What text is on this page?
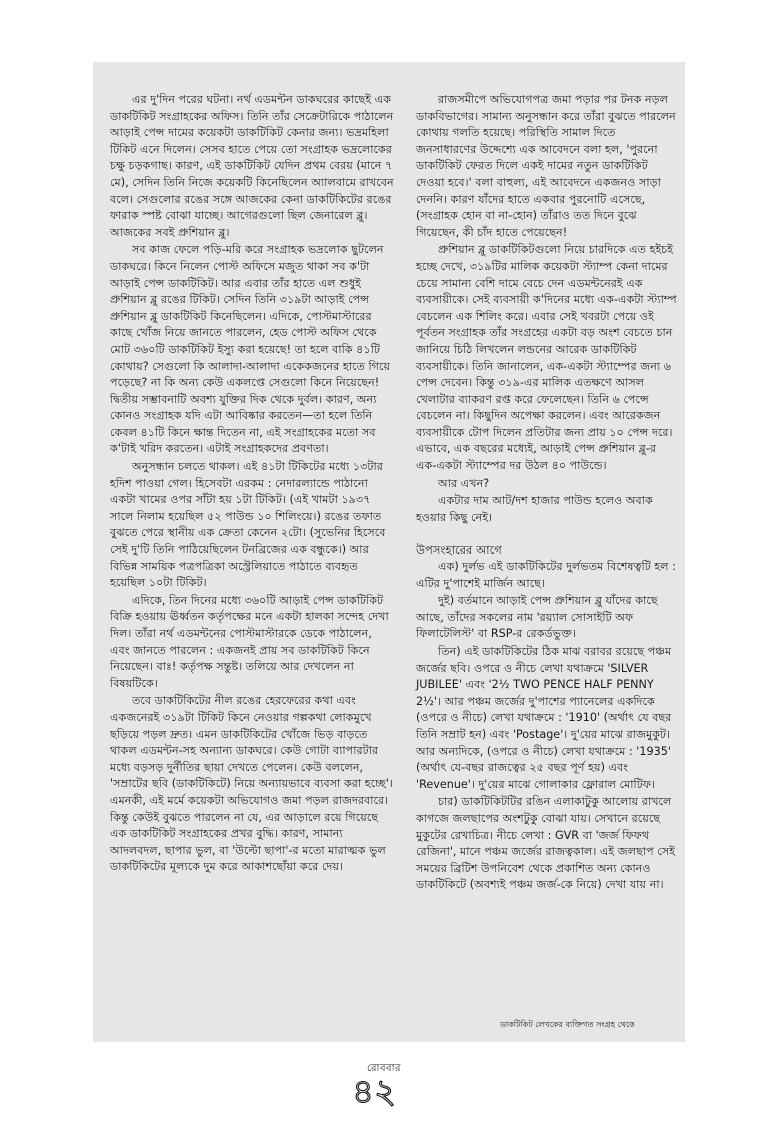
এর দু'দিন পরের ঘটনা। নর্থ এডমন্টন ডাকঘরের কাছেই এক ডাকটিকিট সংগ্রাহকের অফিস। তিনি তাঁর সেক্রেটারিকে পাঠালেন আড়াই পেন্স দামের কয়েকটা ডাকটিকিট কেনার জন্য। ভদ্রমহিলা টিকিট এনে দিলেন। সেসব হাতে পেয়ে তো সংগ্রাহক ভদ্রলোকের চক্ষু চড়কগাছ। কারণ, এই ডাকটিকিট যেদিন প্রথম বেরয় (মানে ৭ মে), সেদিন তিনি নিজে কয়েকটি কিনেছিলেন অ্যালবামে রাখবেন বলে। সেগুলোর রঙের সঙ্গে আজকের কেনা ডাকটিকিটের রঙের ফারাক স্পষ্ট বোঝা যাচ্ছে। আগেরগুলো ছিল জেনারেল ব্লু। আজকের সবই প্রুশিয়ান ব্লু।

সব কাজ ফেলে পড়ি-মরি করে সংগ্রাহক ভদ্রলোক ছুটলেন ডাকঘরে। কিনে নিলেন পোস্ট অফিসে মজুত থাকা সব ক'টা আড়াই পেন্স ডাকটিকিট। আর এবার তাঁর হাতে এল শুধুই প্রুশিয়ান ব্লু রঙের টিকিট। সেদিন তিনি ৩১৯টা আড়াই পেন্স প্রুশিয়ান ব্লু ডাকটিকিট কিনেছিলেন। এদিকে, পোস্টমাস্টারের কাছে খোঁজ নিয়ে জানতে পারলেন, হেড পোস্ট অফিস থেকে মোট ৩৬০টি ডাকটিকিট ইস্যু করা হয়েছে! তা হলে বাকি ৪১টি কোথায়? সেগুলো কি আলাদা-আলাদা একেকজনের হাতে গিয়ে পড়েছে? না কি অন্য কেউ একলপ্তে সেগুলো কিনে নিয়েছেন! দ্বিতীয় সম্ভাবনাটি অবশ্য যুক্তির দিক থেকে দুর্বল। কারণ, অন্য কোনও সংগ্রাহক যদি এটা আবিষ্কার করতেন—তা হলে তিনি কেবল ৪১টি কিনে ক্ষান্ত দিতেন না, এই সংগ্রাহকের মতো সব ক'টাই খরিদ করতেন। এটাই সংগ্রাহকদের প্রবণতা।

অনুসন্ধান চলতে থাকল। এই ৪১টা টিকিটের মধ্যে ১৩টার হদিশ পাওয়া গেল। হিসেবটা এরকম : নেদারল্যান্ডে পাঠানো একটা খামের ওপর সাঁটা হয় ১টা টিকিট। (এই খামটা ১৯৩৭ সালে নিলাম হয়েছিল ৫২ পাউন্ড ১০ শিলিংয়ে।) রঙের তফাত বুঝতে পেরে স্থানীয় এক ক্রেতা কেনেন ২টো। (সুভেনির হিসেবে সেই দু'টি তিনি পাঠিয়েছিলেন টনব্রিজের এক বন্ধুকে।) আর বিভিন্ন সাময়িক পত্রপত্রিকা অস্ট্রেলিয়াতে পাঠাতে ব্যবহৃত হয়েছিল ১০টা টিকিট।

এদিকে, তিন দিনের মধ্যে ৩৬০টি আড়াই পেন্স ডাকটিকিট বিক্রি হওয়ায় ঊর্ধ্বতন কর্তৃপক্ষের মনে একটা হালকা সন্দেহ দেখা দিল। তাঁরা নর্থ এডমন্টনের পোস্টমাস্টারকে ডেকে পাঠালেন, এবং জানতে পারলেন : একজনই প্রায় সব ডাকটিকিট কিনে নিয়েছেন। বাঃ! কর্তৃপক্ষ সন্তুষ্ট। তলিয়ে আর দেখলেন না বিষয়টিকে।

তবে ডাকটিকিটের নীল রঙের হেরফেরের কথা এবং একজনেরই ৩১৯টা টিকিট কিনে নেওয়ার গল্পকথা লোকমুখে ছড়িয়ে পড়ল দ্রুত। এমন ডাকটিকিটের খোঁজে ভিড় বাড়তে থাকল এডমন্টন-সহ অন্যান্য ডাকঘরে। কেউ গোটা ব্যাপারটার মধ্যে বড়সড় দুর্নীতির ছায়া দেখতে পেলেন। কেউ বললেন, 'সম্রাটের ছবি (ডাকটিকিটে) নিয়ে অন্যায়ভাবে ব্যবসা করা হচ্ছে'। এমনকী, এই মর্মে কয়েকটা অভিযোগও জমা পড়ল রাজদরবারে। কিন্তু কেউই বুঝতে পারলেন না যে, এর আড়ালে রয়ে গিয়েছে এক ডাকটিকিট সংগ্রাহকের প্রখর বুদ্ধি। কারণ, সামান্য আদলবদল, ছাপার ভুল, বা 'উল্টো ছাপা'-র মতো মারাত্মক ভুল ডাকটিকিটের মূল্যকে দুম করে আকাশছোঁয়া করে দেয়।

রাজসমীপে অভিযোগপত্র জমা পড়ার পর টনক নড়ল ডাকবিভাগের। সামান্য অনুসন্ধান করে তাঁরা বুঝতে পারলেন কোথায় গলতি হয়েছে। পরিস্থিতি সামাল দিতে জনসাধারণের উদ্দেশ্যে এক আবেদনে বলা হল, 'পুরনো ডাকটিকিট ফেরত দিলে একই দামের নতুন ডাকটিকিট দেওয়া হবে।' বলা বাহুল্য, এই আবেদনে একজনও সাড়া দেননি। কারণ যাঁদের হাতে একবার পুরনোটি এসেছে, (সংগ্রাহক হোন বা না-হোন) তাঁরাও তত দিনে বুঝে গিয়েছেন, কী চাঁদ হাতে পেয়েছেন!

প্রুশিয়ান ব্লু ডাকটিকিটগুলো নিয়ে চারদিকে এত হইচই হচ্ছে দেখে, ৩১৯টির মালিক কয়েকটা স্ট্যাম্প কেনা দামের চেয়ে সামান্য বেশি দামে বেচে দেন এডমন্টনেরই এক ব্যবসায়ীকে। সেই ব্যবসায়ী ক'দিনের মধ্যে এক-একটা স্ট্যাম্প বেচলেন এক শিলিং করে। এবার সেই খবরটা পেয়ে ওই পূর্বতন সংগ্রাহক তাঁর সংগ্রহের একটা বড় অংশ বেচতে চান জানিয়ে চিঠি লিখলেন লন্ডনের আরেক ডাকটিকিট ব্যবসায়ীকে। তিনি জানালেন, এক-একটা স্ট্যাম্পের জন্য ৬ পেন্স দেবেন। কিন্তু ৩১৯-এর মালিক এতক্ষণে আসল খেলাটার ব্যাকরণ রপ্ত করে ফেলেছেন। তিনি ৬ পেন্সে বেচলেন না। কিছুদিন অপেক্ষা করলেন। এবং আরেকজন ব্যবসায়ীকে টোপ দিলেন প্রতিটার জন্য প্রায় ১০ পেন্স দরে। এভাবে, এক বছরের মধ্যেই, আড়াই পেন্স প্রুশিয়ান ব্লু-র এক-একটা স্ট্যাম্পের দর উঠল ৪০ পাউন্ডে।

আর এখন?

একটার দাম আট/দশ হাজার পাউন্ড হলেও অবাক হওয়ার কিছু নেই।

উপসংহারের আগে

এক) দুর্লভ এই ডাকটিকিটের দুর্লভতম বিশেষত্বটি হল : এটির দু'পাশেই মার্জিন আছে।

দুই) বর্তমানে আড়াই পেন্স প্রুশিয়ান ব্লু যাঁদের কাছে আছে, তাঁদের সকলের নাম 'রয়্যাল সোসাইটি অফ ফিলাটেলিস্ট' বা RSP-র রেকর্ডভুক্ত।

তিন) এই ডাকটিকিটের ঠিক মাঝ বরাবর রয়েছে পঞ্চম জর্জের ছবি। ওপরে ও নীচে লেখা যথাক্রমে 'SILVER JUBILEE' এবং '2½ TWO PENCE HALF PENNY 2½'। আর পঞ্চম জর্জের দু'পাশের প্যানেলের একদিকে (ওপরে ও নীচে) লেখা যথাক্রমে : '1910' (অর্থাৎ যে বছর তিনি সম্রাট হন) এবং 'Postage'। দু'য়ের মাঝে রাজমুকুট। আর অন্যদিকে, (ওপরে ও নীচে) লেখা যথাক্রমে : '1935' (অর্থাৎ যে-বছর রাজত্বের ২৫ বছর পূর্ণ হয়) এবং 'Revenue'। দু'য়ের মাঝে গোলাকার ফ্লোরাল মোটিফ।

চার) ডাকটিকিটটির রঙিন এলাকাটুকু আলোয় রাখলে কাগজে জলছাপের অংশটুকু বোঝা যায়। সেখানে রয়েছে মুকুটের রেখাচিত্র। নীচে লেখা : GVR বা 'জর্জ ফিফথ রেজিনা', মানে পঞ্চম জর্জের রাজত্বকাল। এই জলছাপ সেই সময়ের ব্রিটিশ উপনিবেশ থেকে প্রকাশিত অন্য কোনও ডাকটিকিটে (অবশ্যই পঞ্চম জর্জ-কে নিয়ে) দেখা যায় না।

ডাকটিকিট লেখকের ব্যক্তিগত সংগ্রহ থেকে
রোববার
৪২
